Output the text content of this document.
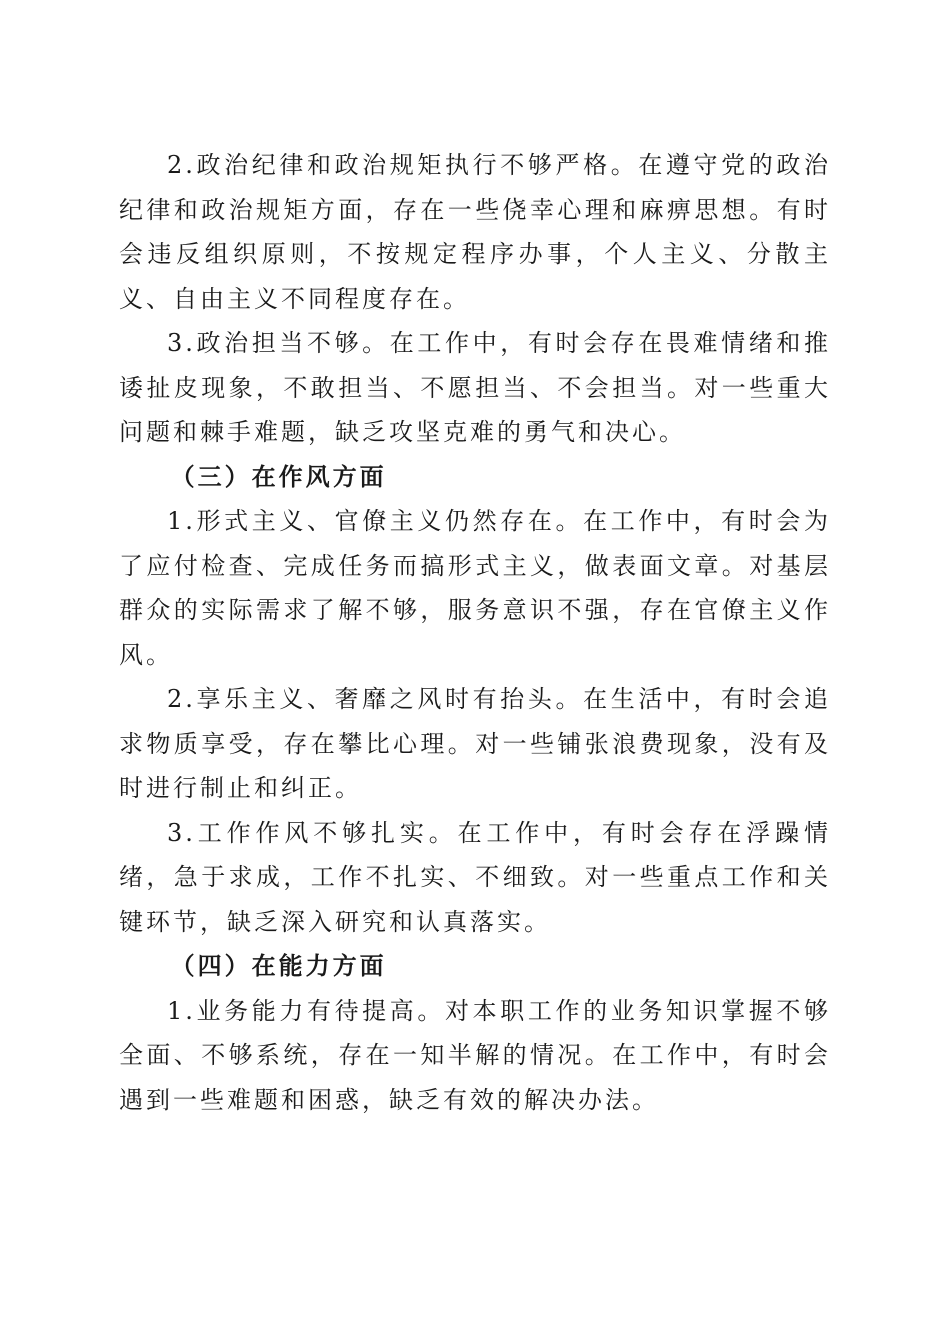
2.政治纪律和政治规矩执行不够严格。在遵守党的政治纪律和政治规矩方面，存在一些侥幸心理和麻痹思想。有时会违反组织原则，不按规定程序办事，个人主义、分散主义、自由主义不同程度存在。

3.政治担当不够。在工作中，有时会存在畏难情绪和推诿扯皮现象，不敢担当、不愿担当、不会担当。对一些重大问题和棘手难题，缺乏攻坚克难的勇气和决心。

（三）在作风方面

1.形式主义、官僚主义仍然存在。在工作中，有时会为了应付检查、完成任务而搞形式主义，做表面文章。对基层群众的实际需求了解不够，服务意识不强，存在官僚主义作风。

2.享乐主义、奢靡之风时有抬头。在生活中，有时会追求物质享受，存在攀比心理。对一些铺张浪费现象，没有及时进行制止和纠正。

3.工作作风不够扎实。在工作中，有时会存在浮躁情绪，急于求成，工作不扎实、不细致。对一些重点工作和关键环节，缺乏深入研究和认真落实。

（四）在能力方面

1.业务能力有待提高。对本职工作的业务知识掌握不够全面、不够系统，存在一知半解的情况。在工作中，有时会遇到一些难题和困惑，缺乏有效的解决办法。
